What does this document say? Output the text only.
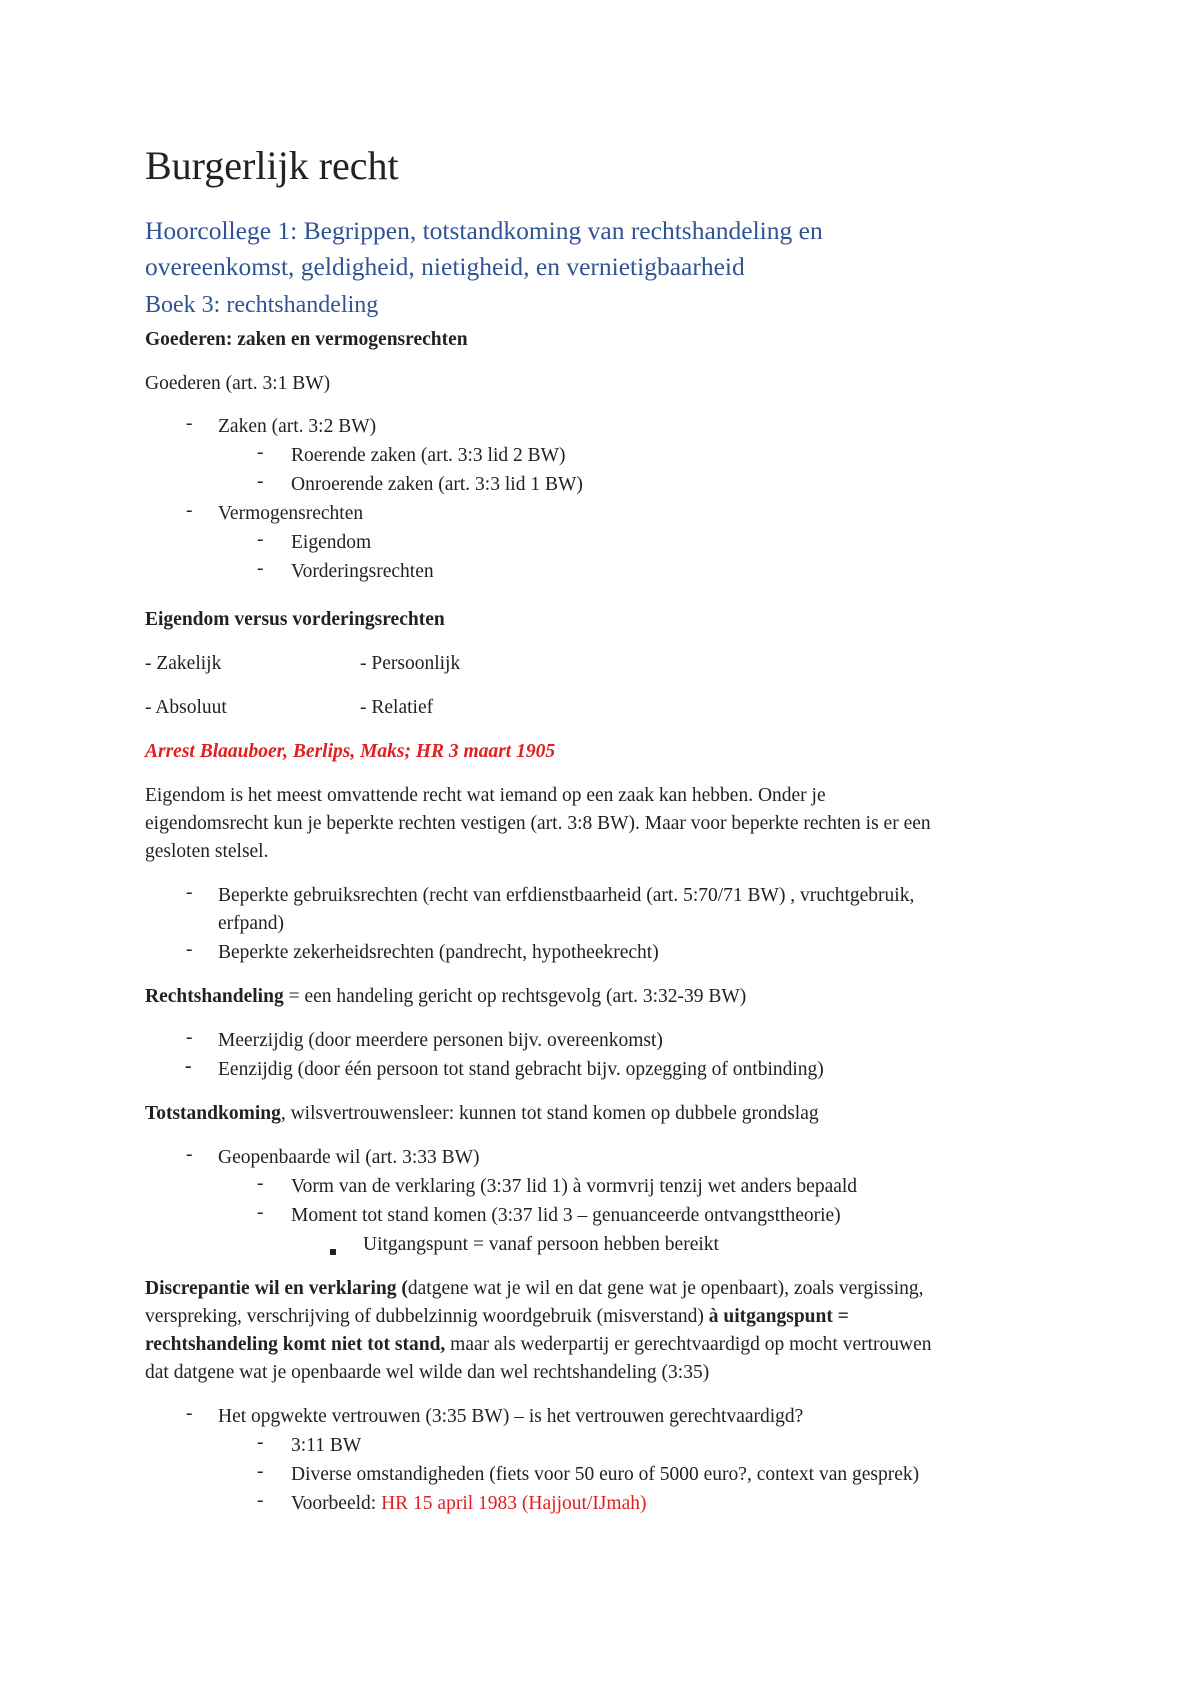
Burgerlijk recht
Hoorcollege 1: Begrippen, totstandkoming van rechtshandeling en
overeenkomst, geldigheid, nietigheid, en vernietigbaarheid
Boek 3: rechtshandeling
Goederen: zaken en vermogensrechten
Goederen (art. 3:1 BW)
- Zaken (art. 3:2 BW)
- Roerende zaken (art. 3:3 lid 2 BW)
- Onroerende zaken (art. 3:3 lid 1 BW)
- Vermogensrechten
- Eigendom
- Vorderingsrechten
Eigendom versus vorderingsrechten
- Zakelijk	- Persoonlijk
- Absoluut	- Relatief
Arrest Blaauboer, Berlips, Maks; HR 3 maart 1905
Eigendom is het meest omvattende recht wat iemand op een zaak kan hebben. Onder je
eigendomsrecht kun je beperkte rechten vestigen (art. 3:8 BW). Maar voor beperkte rechten is er een
gesloten stelsel.
- Beperkte gebruiksrechten (recht van erfdienstbaarheid (art. 5:70/71 BW) , vruchtgebruik,
erfpand)
- Beperkte zekerheidsrechten (pandrecht, hypotheekrecht)
Rechtshandeling = een handeling gericht op rechtsgevolg (art. 3:32-39 BW)
- Meerzijdig (door meerdere personen bijv. overeenkomst)
- Eenzijdig (door één persoon tot stand gebracht bijv. opzegging of ontbinding)
Totstandkoming, wilsvertrouwensleer: kunnen tot stand komen op dubbele grondslag
- Geopenbaarde wil (art. 3:33 BW)
- Vorm van de verklaring (3:37 lid 1) à vormvrij tenzij wet anders bepaald
- Moment tot stand komen (3:37 lid 3 – genuanceerde ontvangsttheorie)
Uitgangspunt = vanaf persoon hebben bereikt
Discrepantie wil en verklaring (datgene wat je wil en dat gene wat je openbaart), zoals vergissing,
verspreking, verschrijving of dubbelzinnig woordgebruik (misverstand) à uitgangspunt =
rechtshandeling komt niet tot stand, maar als wederpartij er gerechtvaardigd op mocht vertrouwen
dat datgene wat je openbaarde wel wilde dan wel rechtshandeling (3:35)
- Het opgwekte vertrouwen (3:35 BW) – is het vertrouwen gerechtvaardigd?
- 3:11 BW
- Diverse omstandigheden (fiets voor 50 euro of 5000 euro?, context van gesprek)
- Voorbeeld: HR 15 april 1983 (Hajjout/IJmah)
